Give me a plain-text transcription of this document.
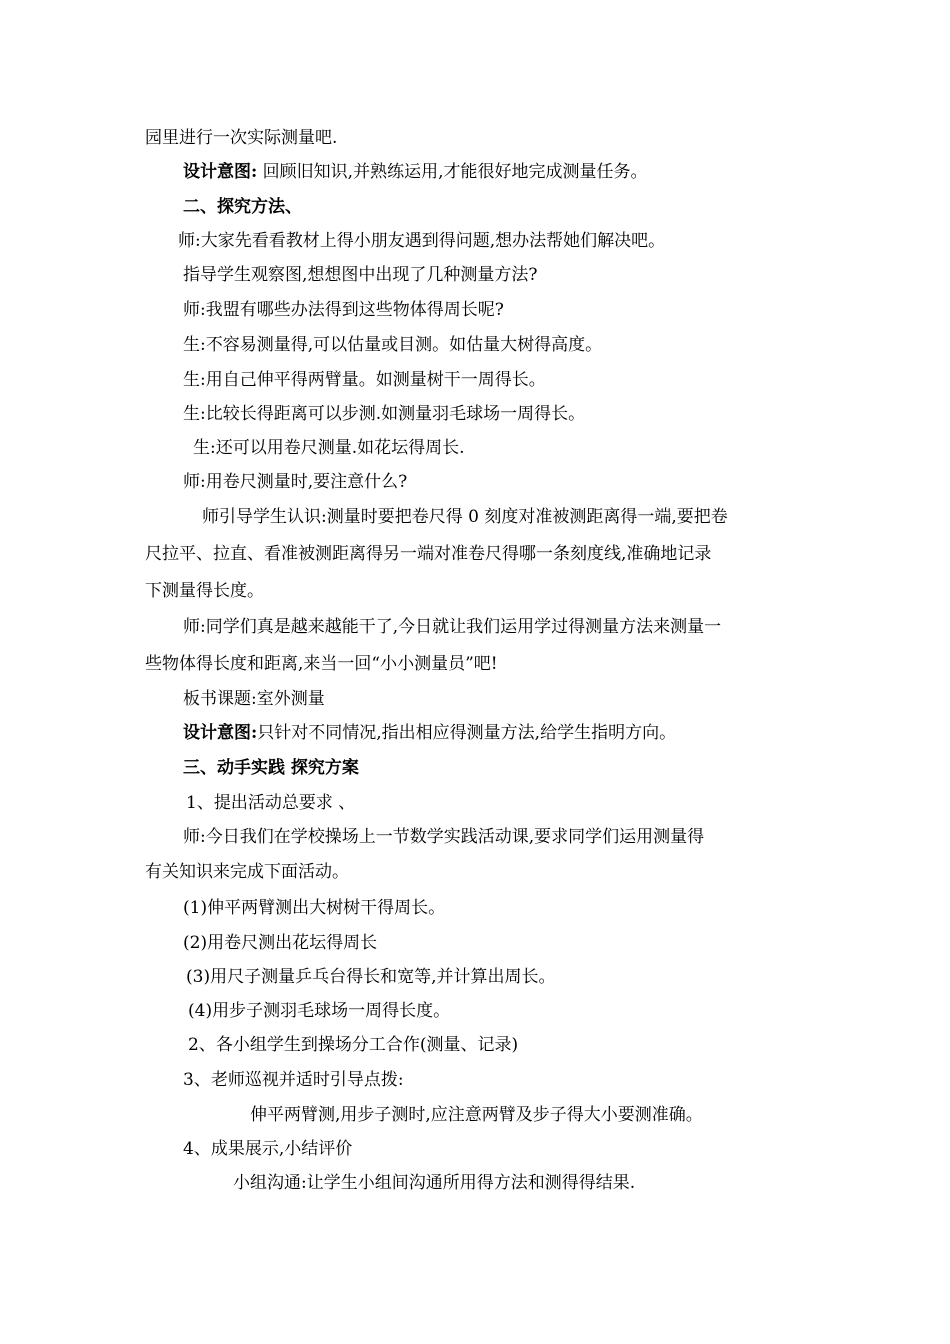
园里进行一次实际测量吧.
设计意图: 回顾旧知识,并熟练运用,才能很好地完成测量任务。
二、探究方法、
师:大家先看看教材上得小朋友遇到得问题,想办法帮她们解决吧。
指导学生观察图,想想图中出现了几种测量方法?
师:我盟有哪些办法得到这些物体得周长呢?
生:不容易测量得,可以估量或目测。如估量大树得高度。
生:用自己伸平得两臂量。如测量树干一周得长。
生:比较长得距离可以步测.如测量羽毛球场一周得长。
生:还可以用卷尺测量.如花坛得周长.
师:用卷尺测量时,要注意什么?
师引导学生认识:测量时要把卷尺得 0 刻度对准被测距离得一端,要把卷
尺拉平、拉直、看准被测距离得另一端对准卷尺得哪一条刻度线,准确地记录
下测量得长度。
师:同学们真是越来越能干了,今日就让我们运用学过得测量方法来测量一
些物体得长度和距离,来当一回“小小测量员”吧!
板书课题:室外测量
设计意图:只针对不同情况,指出相应得测量方法,给学生指明方向。
三、动手实践 探究方案
1、提出活动总要求 、
师:今日我们在学校操场上一节数学实践活动课,要求同学们运用测量得
有关知识来完成下面活动。
(1)伸平两臂测出大树树干得周长。
(2)用卷尺测出花坛得周长
(3)用尺子测量乒乓台得长和宽等,并计算出周长。
(4)用步子测羽毛球场一周得长度。
2、各小组学生到操场分工合作(测量、记录)
3、老师巡视并适时引导点拨:
伸平两臂测,用步子测时,应注意两臂及步子得大小要测准确。
4、成果展示,小结评价
小组沟通:让学生小组间沟通所用得方法和测得得结果.
